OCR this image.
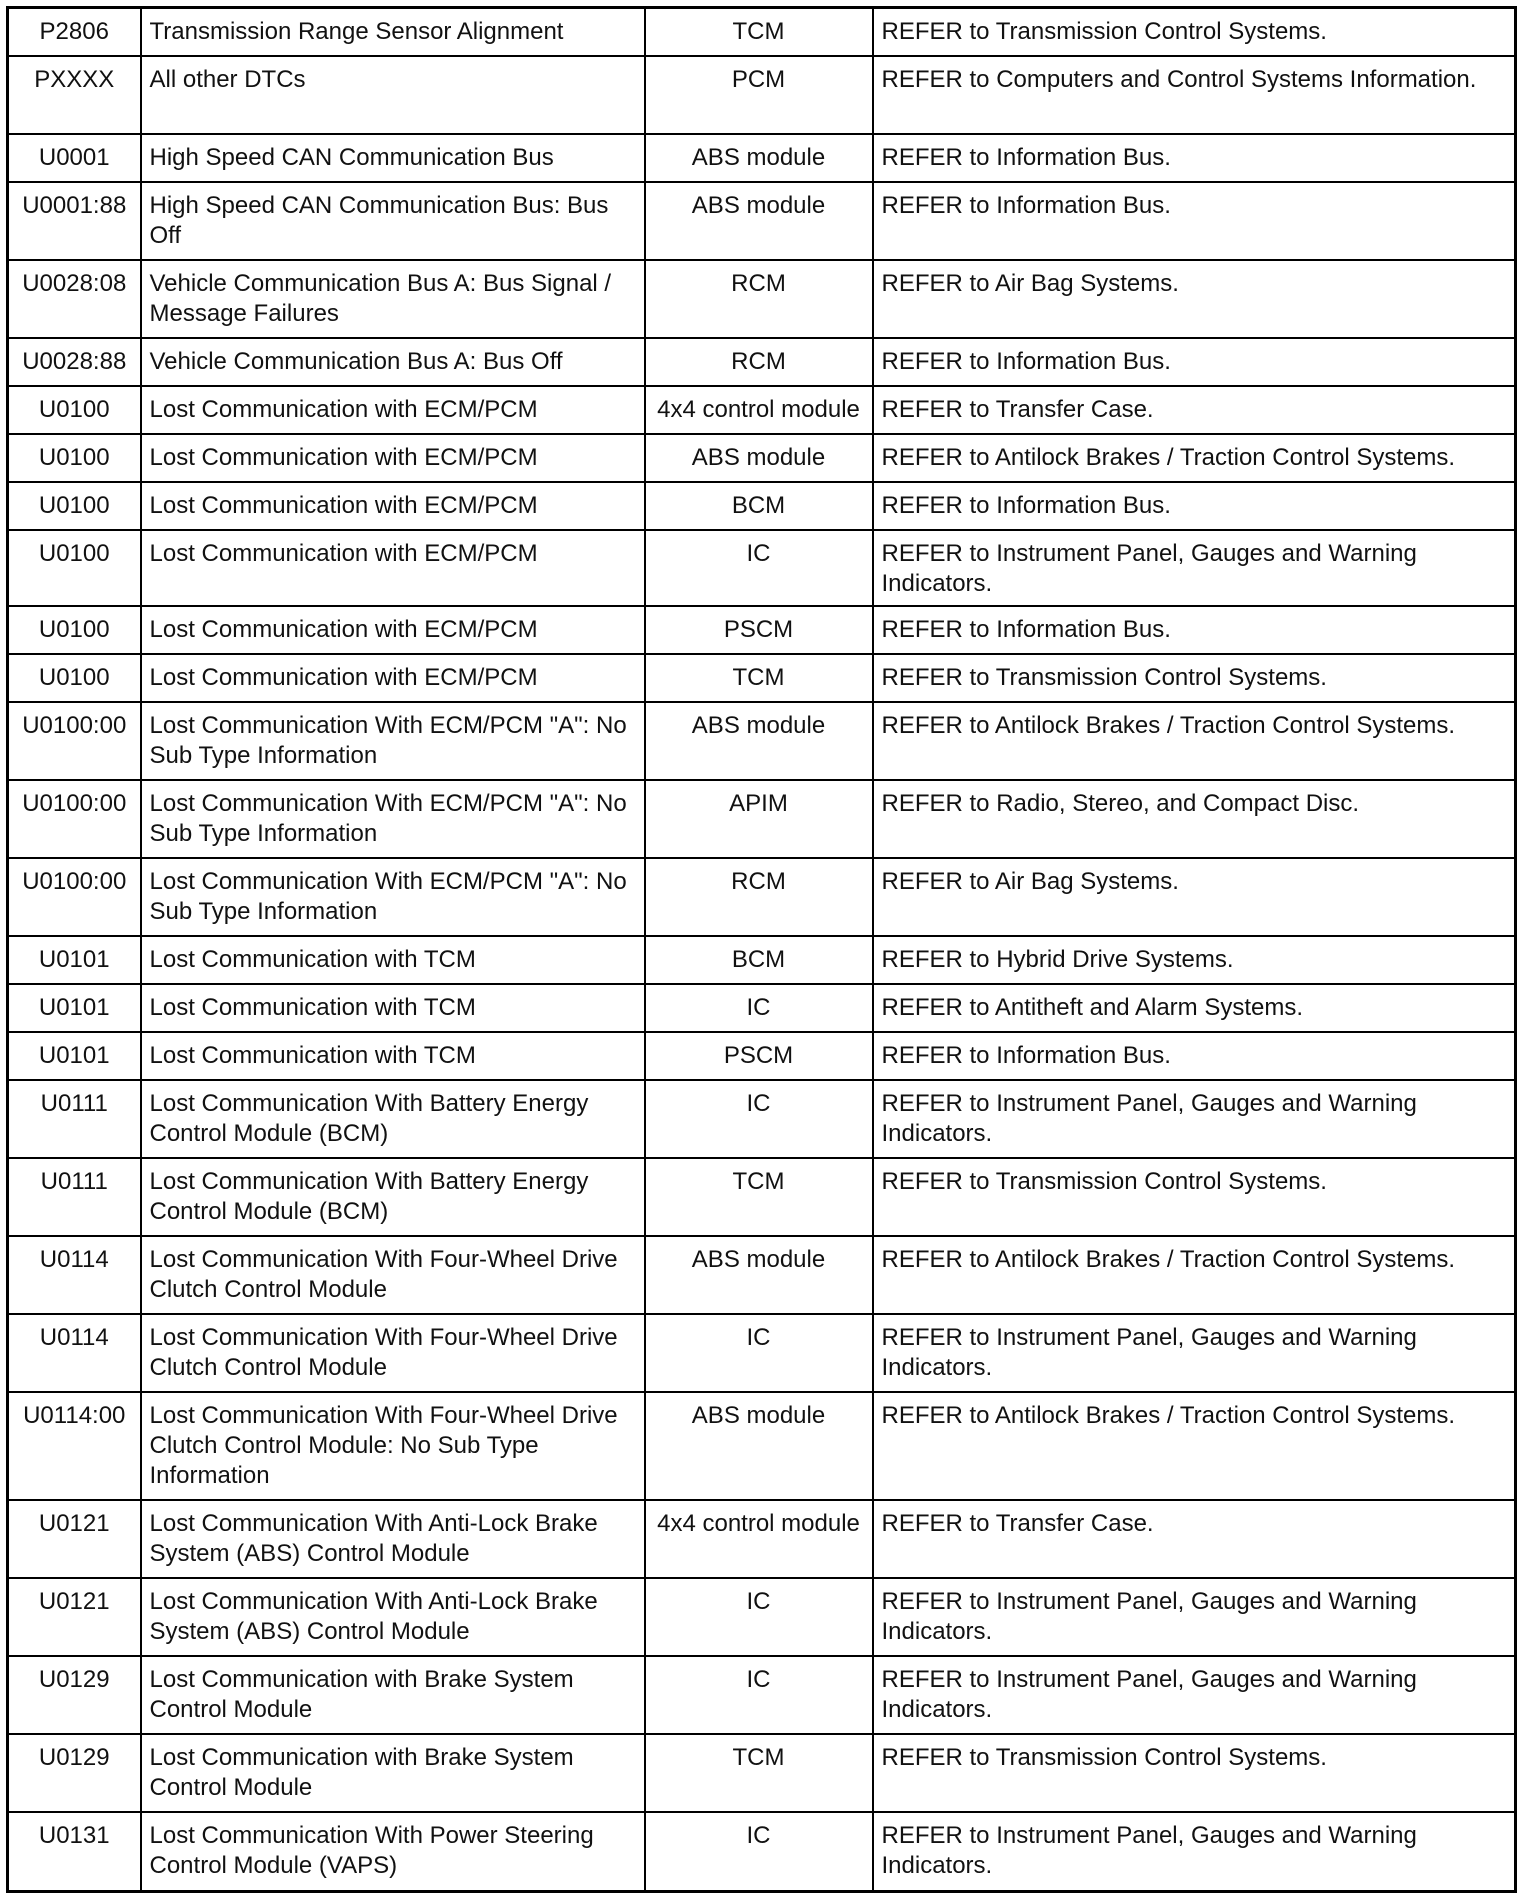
P2806	Transmission Range Sensor Alignment	TCM	REFER to Transmission Control Systems.
PXXXX	All other DTCs	PCM	REFER to Computers and Control Systems Information.
U0001	High Speed CAN Communication Bus	ABS module	REFER to Information Bus.
U0001:88	High Speed CAN Communication Bus: Bus Off	ABS module	REFER to Information Bus.
U0028:08	Vehicle Communication Bus A: Bus Signal / Message Failures	RCM	REFER to Air Bag Systems.
U0028:88	Vehicle Communication Bus A: Bus Off	RCM	REFER to Information Bus.
U0100	Lost Communication with ECM/PCM	4x4 control module	REFER to Transfer Case.
U0100	Lost Communication with ECM/PCM	ABS module	REFER to Antilock Brakes / Traction Control Systems.
U0100	Lost Communication with ECM/PCM	BCM	REFER to Information Bus.
U0100	Lost Communication with ECM/PCM	IC	REFER to Instrument Panel, Gauges and Warning Indicators.
U0100	Lost Communication with ECM/PCM	PSCM	REFER to Information Bus.
U0100	Lost Communication with ECM/PCM	TCM	REFER to Transmission Control Systems.
U0100:00	Lost Communication With ECM/PCM "A": No Sub Type Information	ABS module	REFER to Antilock Brakes / Traction Control Systems.
U0100:00	Lost Communication With ECM/PCM "A": No Sub Type Information	APIM	REFER to Radio, Stereo, and Compact Disc.
U0100:00	Lost Communication With ECM/PCM "A": No Sub Type Information	RCM	REFER to Air Bag Systems.
U0101	Lost Communication with TCM	BCM	REFER to Hybrid Drive Systems.
U0101	Lost Communication with TCM	IC	REFER to Antitheft and Alarm Systems.
U0101	Lost Communication with TCM	PSCM	REFER to Information Bus.
U0111	Lost Communication With Battery Energy Control Module (BCM)	IC	REFER to Instrument Panel, Gauges and Warning Indicators.
U0111	Lost Communication With Battery Energy Control Module (BCM)	TCM	REFER to Transmission Control Systems.
U0114	Lost Communication With Four-Wheel Drive Clutch Control Module	ABS module	REFER to Antilock Brakes / Traction Control Systems.
U0114	Lost Communication With Four-Wheel Drive Clutch Control Module	IC	REFER to Instrument Panel, Gauges and Warning Indicators.
U0114:00	Lost Communication With Four-Wheel Drive Clutch Control Module: No Sub Type Information	ABS module	REFER to Antilock Brakes / Traction Control Systems.
U0121	Lost Communication With Anti-Lock Brake System (ABS) Control Module	4x4 control module	REFER to Transfer Case.
U0121	Lost Communication With Anti-Lock Brake System (ABS) Control Module	IC	REFER to Instrument Panel, Gauges and Warning Indicators.
U0129	Lost Communication with Brake System Control Module	IC	REFER to Instrument Panel, Gauges and Warning Indicators.
U0129	Lost Communication with Brake System Control Module	TCM	REFER to Transmission Control Systems.
U0131	Lost Communication With Power Steering Control Module (VAPS)	IC	REFER to Instrument Panel, Gauges and Warning Indicators.
